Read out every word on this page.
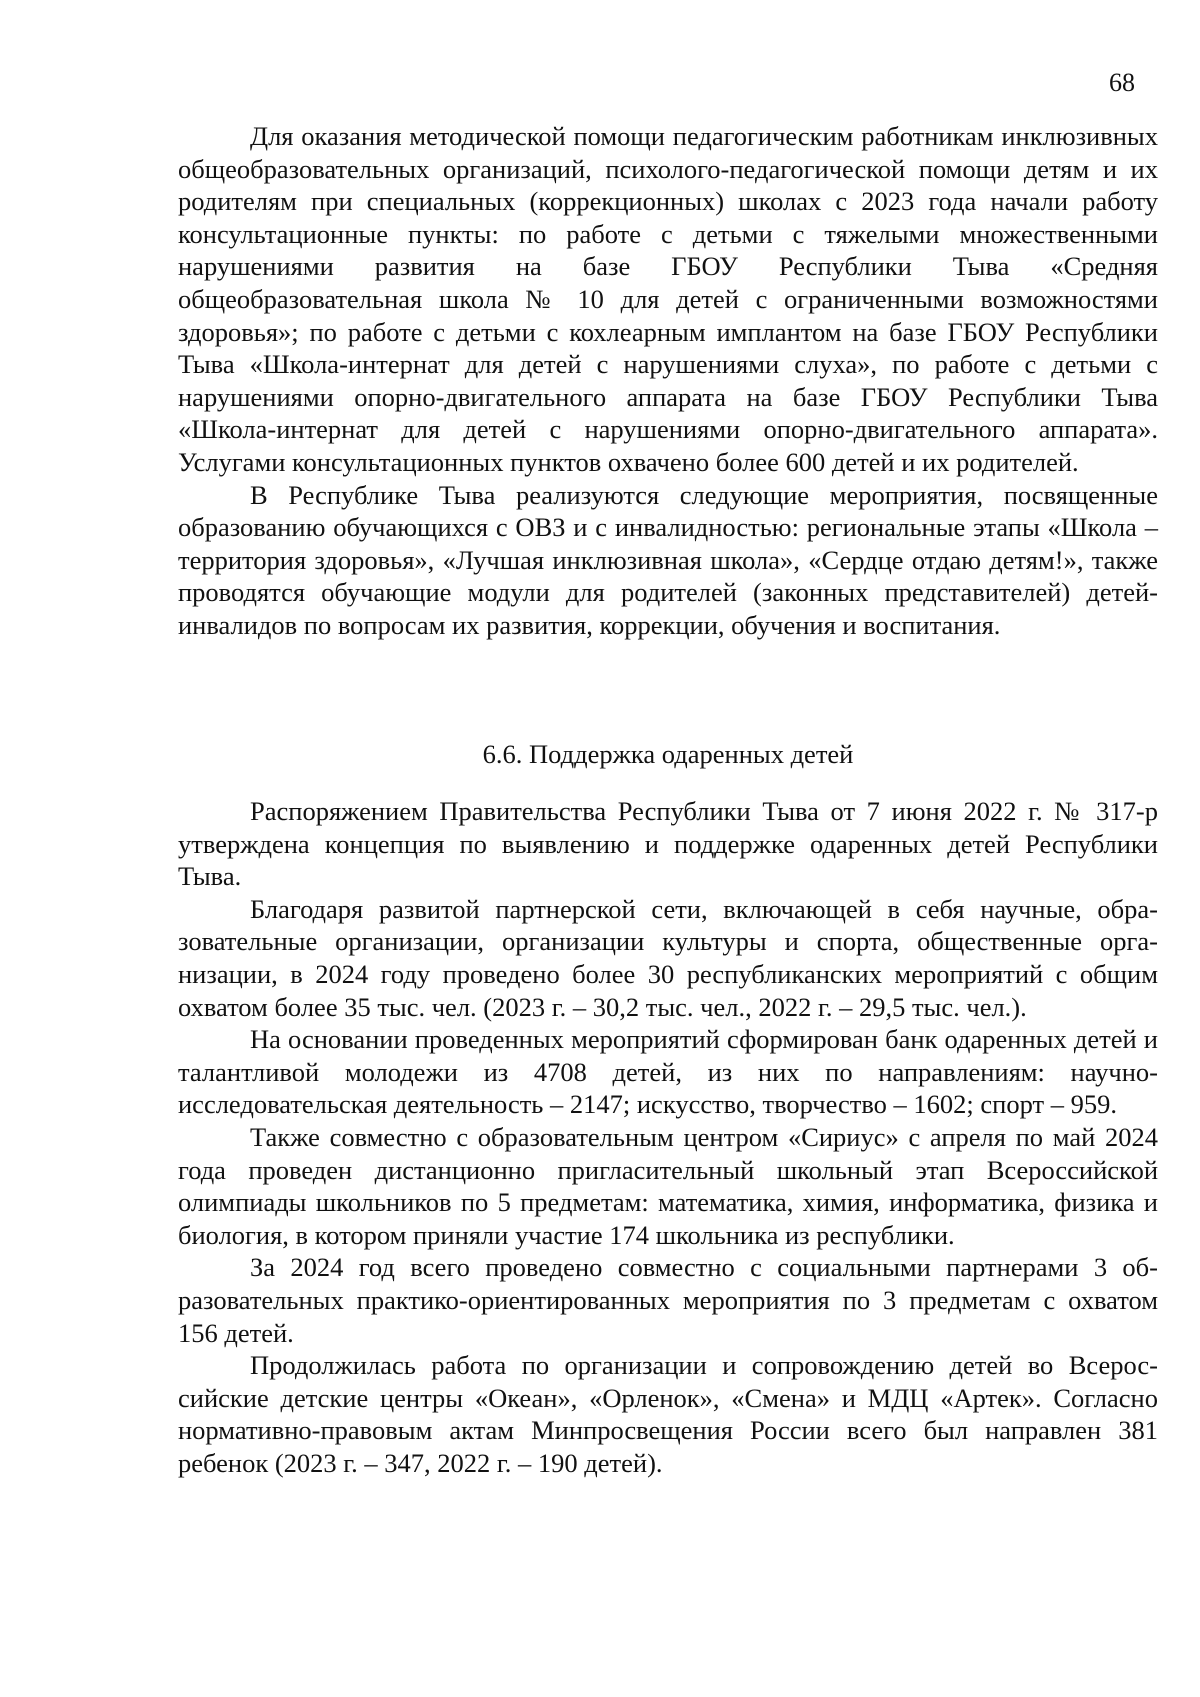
68

Для оказания методической помощи педагогическим работникам инклюзивных общеобразовательных организаций, психолого-педагогической помощи детям и их родителям при специальных (коррекционных) школах с 2023 года начали работу консультационные пункты: по работе с детьми с тяжелыми множественными нарушениями развития на базе ГБОУ Республики Тыва «Средняя общеобразовательная школа № 10 для детей с ограниченными возможностями здоровья»; по работе с детьми с кохлеарным имплантом на базе ГБОУ Республики Тыва «Школа-интернат для детей с нарушениями слуха», по работе с детьми с нарушениями опорно-двигательного аппарата на базе ГБОУ Республики Тыва «Школа-интернат для детей с нарушениями опорно-двигательного аппарата». Услугами консультационных пунктов охвачено более 600 детей и их родителей.

В Республике Тыва реализуются следующие мероприятия, посвященные образованию обучающихся с ОВЗ и с инвалидностью: региональные этапы «Школа – территория здоровья», «Лучшая инклюзивная школа», «Сердце отдаю детям!», также проводятся обучающие модули для родителей (законных представителей) детей-инвалидов по вопросам их развития, коррекции, обучения и воспитания.

6.6. Поддержка одаренных детей

Распоряжением Правительства Республики Тыва от 7 июня 2022 г. № 317-р утверждена концепция по выявлению и поддержке одаренных детей Республики Тыва.

Благодаря развитой партнерской сети, включающей в себя научные, образовательные организации, организации культуры и спорта, общественные организации, в 2024 году проведено более 30 республиканских мероприятий с общим охватом более 35 тыс. чел. (2023 г. – 30,2 тыс. чел., 2022 г. – 29,5 тыс. чел.).

На основании проведенных мероприятий сформирован банк одаренных детей и талантливой молодежи из 4708 детей, из них по направлениям: научно-исследовательская деятельность – 2147; искусство, творчество – 1602; спорт – 959.

Также совместно с образовательным центром «Сириус» с апреля по май 2024 года проведен дистанционно пригласительный школьный этап Всероссийской олимпиады школьников по 5 предметам: математика, химия, информатика, физика и биология, в котором приняли участие 174 школьника из республики.

За 2024 год всего проведено совместно с социальными партнерами 3 образовательных практико-ориентированных мероприятия по 3 предметам с охватом 156 детей.

Продолжилась работа по организации и сопровождению детей во Всероссийские детские центры «Океан», «Орленок», «Смена» и МДЦ «Артек». Согласно нормативно-правовым актам Минпросвещения России всего был направлен 381 ребенок (2023 г. – 347, 2022 г. – 190 детей).
